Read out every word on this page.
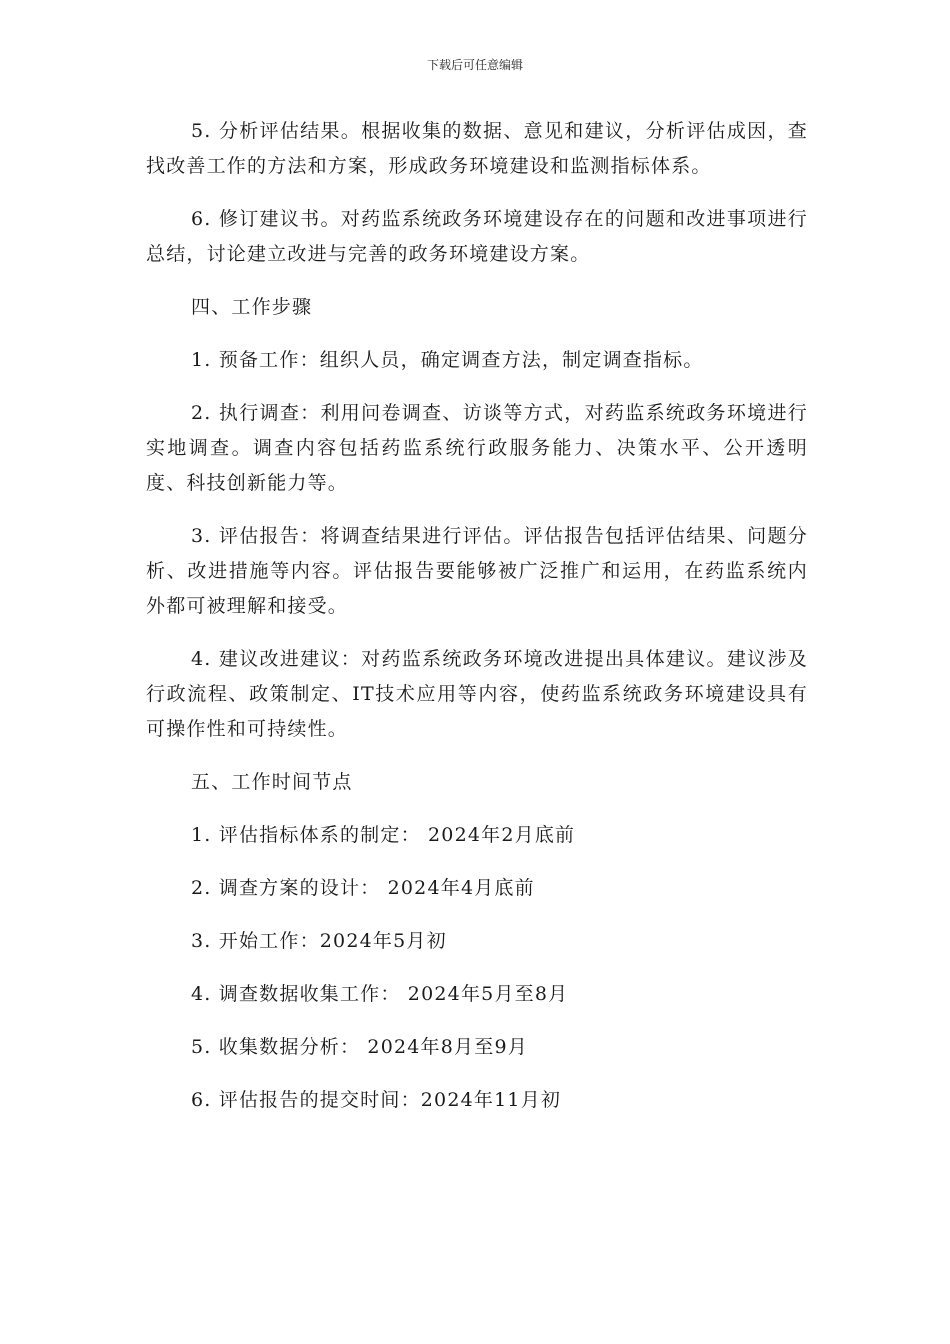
下载后可任意编辑

5. 分析评估结果。根据收集的数据、意见和建议，分析评估成因，查找改善工作的方法和方案，形成政务环境建设和监测指标体系。

6. 修订建议书。对药监系统政务环境建设存在的问题和改进事项进行总结，讨论建立改进与完善的政务环境建设方案。

四、工作步骤

1. 预备工作：组织人员，确定调查方法，制定调查指标。

2. 执行调查：利用问卷调查、访谈等方式，对药监系统政务环境进行实地调查。调查内容包括药监系统行政服务能力、决策水平、公开透明度、科技创新能力等。

3. 评估报告：将调查结果进行评估。评估报告包括评估结果、问题分析、改进措施等内容。评估报告要能够被广泛推广和运用，在药监系统内外都可被理解和接受。

4. 建议改进建议：对药监系统政务环境改进提出具体建议。建议涉及行政流程、政策制定、IT技术应用等内容，使药监系统政务环境建设具有可操作性和可持续性。

五、工作时间节点

1. 评估指标体系的制定： 2024年2月底前

2. 调查方案的设计： 2024年4月底前

3. 开始工作：2024年5月初

4. 调查数据收集工作： 2024年5月至8月

5. 收集数据分析： 2024年8月至9月

6. 评估报告的提交时间：2024年11月初
